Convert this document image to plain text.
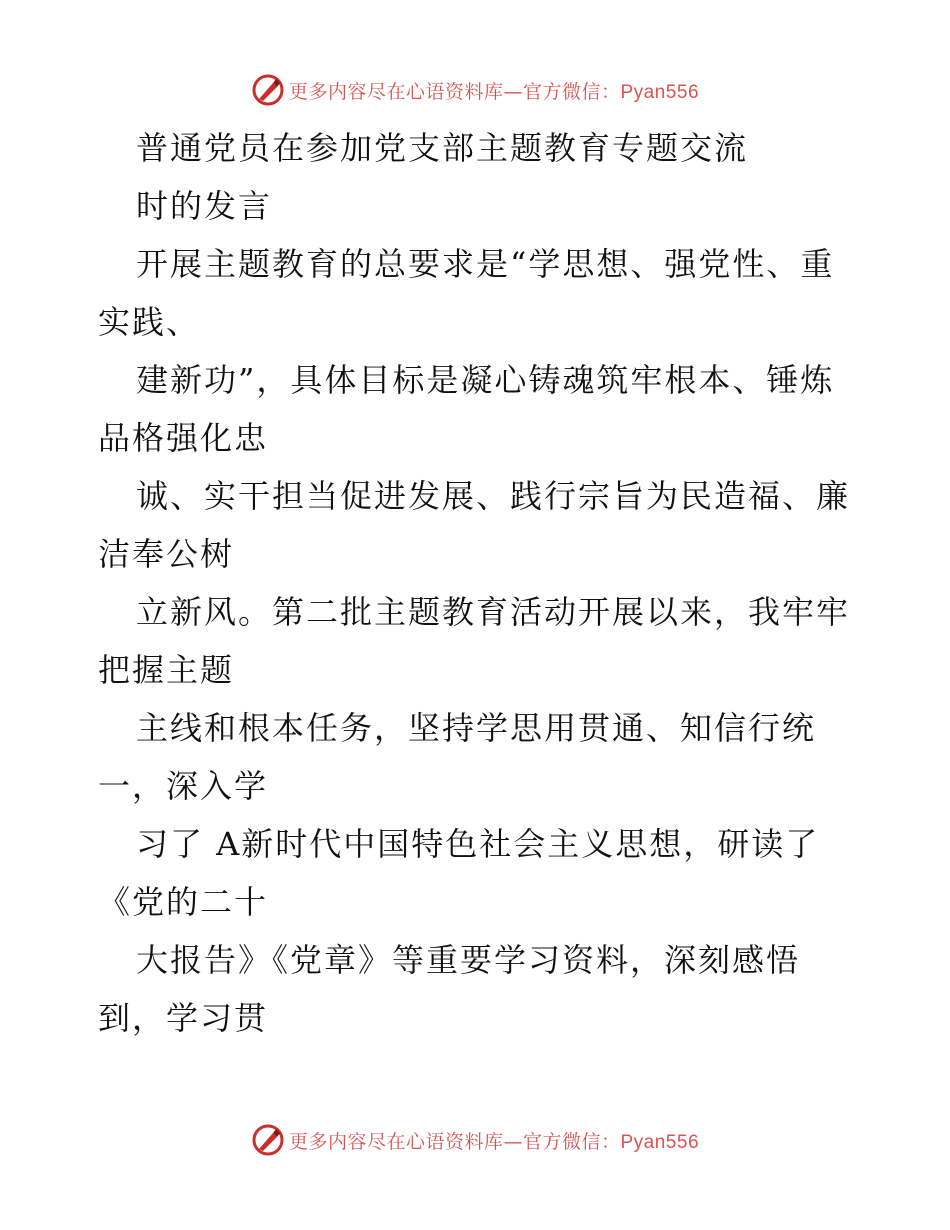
更多内容尽在心语资料库—官方微信：Pyan556
普通党员在参加党支部主题教育专题交流
时的发言
开展主题教育的总要求是“学思想、强党性、重
实践、
建新功”，具体目标是凝心铸魂筑牢根本、锤炼
品格强化忠
诚、实干担当促进发展、践行宗旨为民造福、廉
洁奉公树
立新风。第二批主题教育活动开展以来，我牢牢
把握主题
主线和根本任务，坚持学思用贯通、知信行统
一，深入学
习了 A新时代中国特色社会主义思想，研读了
《党的二十
大报告》《党章》等重要学习资料，深刻感悟
到，学习贯
更多内容尽在心语资料库—官方微信：Pyan556
